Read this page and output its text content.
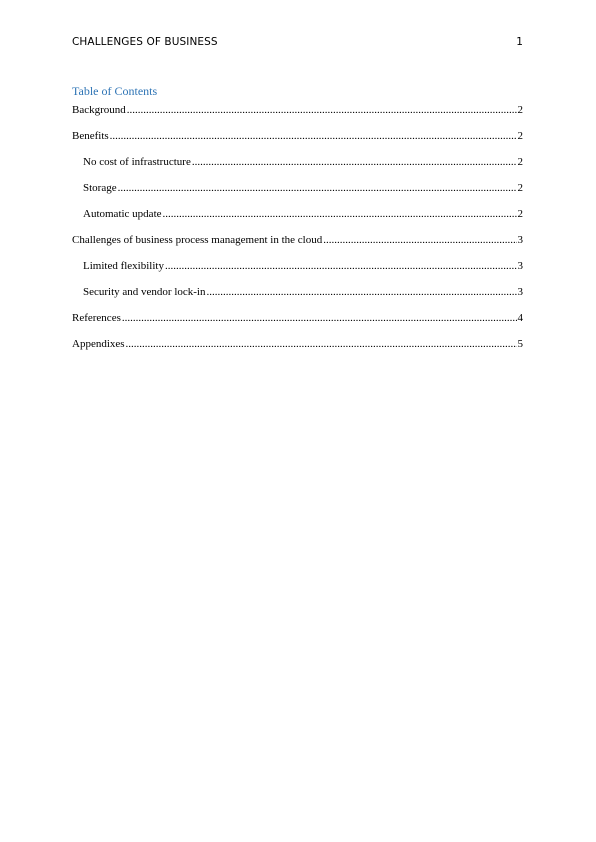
CHALLENGES OF BUSINESS	1
Table of Contents
Background .....	2
Benefits .....	2
No cost of infrastructure .....	2
Storage .....	2
Automatic update .....	2
Challenges of business process management in the cloud .....	3
Limited flexibility .....	3
Security and vendor lock-in .....	3
References .....	4
Appendixes .....	5
